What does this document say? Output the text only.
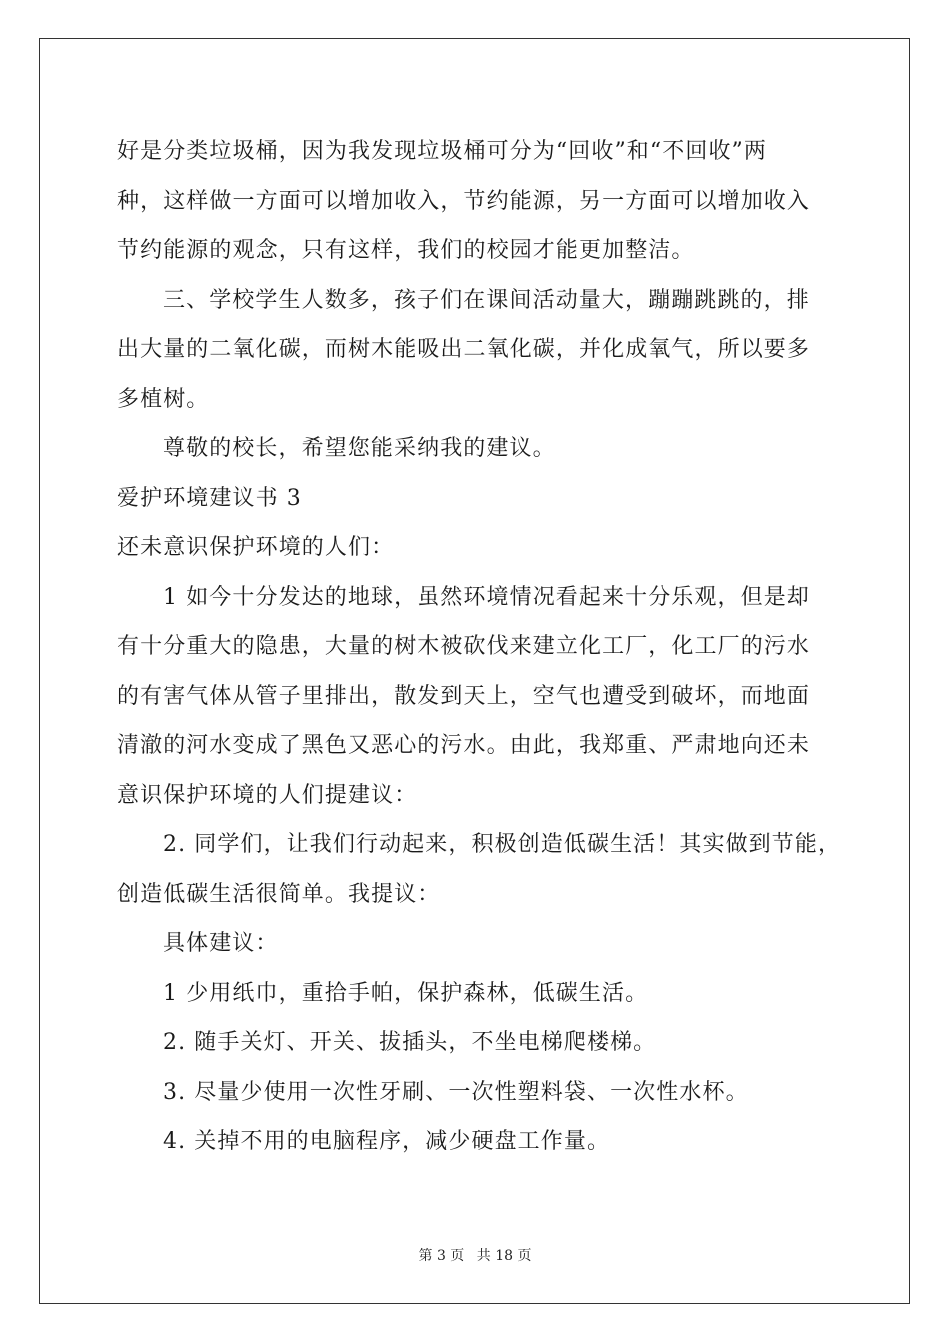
好是分类垃圾桶，因为我发现垃圾桶可分为“回收”和“不回收”两
种，这样做一方面可以增加收入，节约能源，另一方面可以增加收入
节约能源的观念，只有这样，我们的校园才能更加整洁。
三、学校学生人数多，孩子们在课间活动量大，蹦蹦跳跳的，排
出大量的二氧化碳，而树木能吸出二氧化碳，并化成氧气，所以要多
多植树。
尊敬的校长，希望您能采纳我的建议。
爱护环境建议书 3
还未意识保护环境的人们：
1 如今十分发达的地球，虽然环境情况看起来十分乐观，但是却
有十分重大的隐患，大量的树木被砍伐来建立化工厂，化工厂的污水
的有害气体从管子里排出，散发到天上，空气也遭受到破坏，而地面
清澈的河水变成了黑色又恶心的污水。由此，我郑重、严肃地向还未
意识保护环境的人们提建议：
2. 同学们，让我们行动起来，积极创造低碳生活！其实做到节能，
创造低碳生活很简单。我提议：
具体建议：
1 少用纸巾，重拾手帕，保护森林，低碳生活。
2. 随手关灯、开关、拔插头，不坐电梯爬楼梯。
3. 尽量少使用一次性牙刷、一次性塑料袋、一次性水杯。
4. 关掉不用的电脑程序，减少硬盘工作量。
第 3 页 共 18 页
